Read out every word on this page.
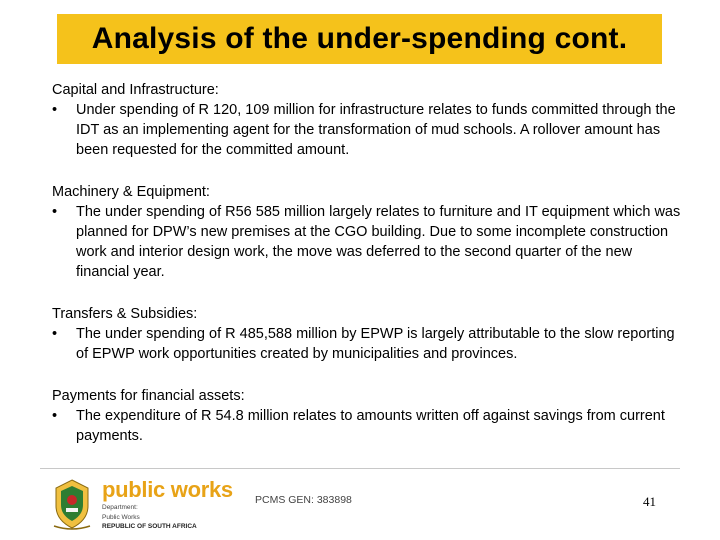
Analysis of the under-spending cont.
Capital and Infrastructure:
•	Under spending of R 120, 109 million for infrastructure relates to funds committed through the IDT as an implementing agent for the transformation of mud schools. A rollover amount has been requested for the committed amount.
Machinery & Equipment:
•	The under spending of R56 585 million largely relates to furniture and IT equipment which was planned for DPW’s new premises at the CGO building. Due to some incomplete construction work and interior design work, the move was deferred to the second quarter of the new financial year.
Transfers & Subsidies:
•	The under spending of R 485,588 million by EPWP is largely attributable to the slow reporting of EPWP work opportunities created by municipalities and provinces.
Payments for financial assets:
•	The expenditure of R 54.8 million relates to amounts written off against savings from current payments.
public works
Department:
Public Works
REPUBLIC OF SOUTH AFRICA
PCMS GEN: 383898	41
